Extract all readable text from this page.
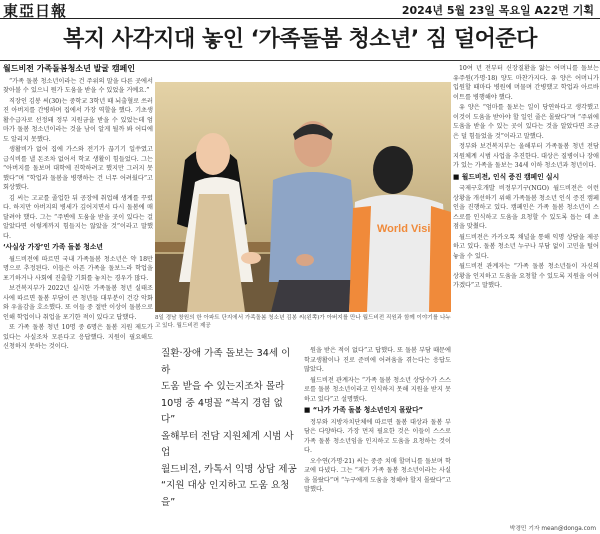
東亞日報	2024년 5월 23일 목요일 A22면 기획
복지 사각지대 놓인 ‘가족돌봄 청소년’ 짐 덜어준다
월드비전 가족돌봄청소년 발굴 캠페인

“가족 돌봄 청소년이라는 건 주위의 말을 다른 곳에서 찾아볼 수 있으니 뭔가 도움을 받을 수 있었을 거예요.”

직장인 김봉 씨(30)는 중학교 3학년 때 뇌출혈로 쓰러진 아버지를 간병하며 집에서 가장 역할을 했다. 기초생활수급자로 선정돼 정부 지원금을 받을 수 있었는데 엄마가 돌봄 청소년이라는 것을 남이 알게 될까 봐 어디에도 알리지 못했다.

생활비가 없어 집에 가스와 전기가 끊기기 일쑤였고 급식비를 낼 돈조차 없어서 학교 생활이 힘들었다. 그는 “아버지를 돌보며 대학에 진학하려고 했지만 그러지 못했다”며 “학업과 돌봄을 병행하는 건 너무 어려웠다”고 회상했다.

김 씨는 고교를 졸업한 뒤 공장에 취업해 생계를 꾸렸다. 하지만 아버지의 병세가 깊어지면서 다시 돌봄에 매달려야 했다. 그는 “주변에 도움을 받을 곳이 있다는 걸 알았다면 이렇게까지 힘들지는 않았을 것”이라고 말했다.

‘사실상 가장’인 가족 돌봄 청소년

월드비전에 따르면 국내 가족돌봄 청소년은 약 18만 명으로 추정된다. 이들은 아픈 가족을 돌보느라 학업을 포기하거나 사회에 진출할 기회를 놓치는 경우가 많다.

보건복지부가 2022년 실시한 가족돌봄 청년 실태조사에 따르면 돌봄 부담이 큰 청년들 대부분이 건강 악화와 우울감을 호소했다. 또 이들 중 절반 이상이 돌봄으로 인해 학업이나 취업을 포기한 적이 있다고 답했다.

또 가족 돌봄 청년 10명 중 6명은 돌봄 지원 제도가 있다는 사실조차 모른다고 응답했다. 지원이 필요해도 신청하지 못하는 것이다.

World Vision
8일 경남 창원의 한 아파트 단지에서 가족돌봄 청소년 김봉 씨(왼쪽)가 아버지를 만나 월드비전 직원과 함께 이야기를 나누고 있다. 월드비전 제공

질환·장애 가족 돌보는 34세 이하

도움 받을 수 있는지조차 몰라

10명 중 4명꼴 “복지 경험 없다”

올해부터 전담 지원체계 시범 사업

월드비전, 카톡서 익명 상담 제공

“지원 대상 인지하고 도움 요청을”

원을 받은 적이 없다”고 답했다. 또 돌봄 부담 때문에 학교생활이나 진로 준비에 어려움을 겪는다는 응답도 많았다.

월드비전 관계자는 “가족 돌봄 청소년 상당수가 스스로를 돌봄 청소년이라고 인식하지 못해 지원을 받지 못하고 있다”고 설명했다.

■ “나가 가족 돌봄 청소년인지 몰랐다”

정부와 지방자치단체에 따르면 돌봄 대상과 돌봄 부담은 다양하다. 가장 먼저 필요한 것은 이들이 스스로 가족 돌봄 청소년임을 인지하고 도움을 요청하는 것이다.

오수연(가명·21) 씨는 중증 치매 할머니를 돌보며 학교에 다녔다. 그는 “제가 가족 돌봄 청소년이라는 사실을 몰랐다”며 “누구에게 도움을 청해야 할지 몰랐다”고 말했다.

10여 년 전부터 신장질환을 앓는 어머니를 돌보는 유주원(가명·18) 양도 마찬가지다. 유 양은 어머니가 입원할 때마다 병원에 머물며 간병했고 학업과 아르바이트를 병행해야 했다.

유 양은 “엄마를 돌보는 일이 당연하다고 생각했고 이것이 도움을 받아야 할 일인 줄은 몰랐다”며 “주위에 도움을 받을 수 있는 곳이 있다는 것을 알았다면 조금은 덜 힘들었을 것”이라고 말했다.

정부와 보건복지부는 올해부터 가족돌봄 청년 전담 지원체계 시범 사업을 추진한다. 대상은 질병이나 장애가 있는 가족을 돌보는 34세 이하 청소년과 청년이다.

■ 월드비전, 인식 증진 캠페인 실시

국제구호개발 비정부기구(NGO) 월드비전은 이런 상황을 개선하기 위해 가족돌봄 청소년 인식 증진 캠페인을 진행하고 있다. 캠페인은 가족 돌봄 청소년이 스스로를 인식하고 도움을 요청할 수 있도록 돕는 데 초점을 맞췄다.

월드비전은 카카오톡 채널을 통해 익명 상담을 제공하고 있다. 돌봄 청소년 누구나 부담 없이 고민을 털어놓을 수 있다.

월드비전 관계자는 “가족 돌봄 청소년들이 자신의 상황을 인지하고 도움을 요청할 수 있도록 지원을 이어가겠다”고 말했다.

박경민 기자 mean@donga.com
